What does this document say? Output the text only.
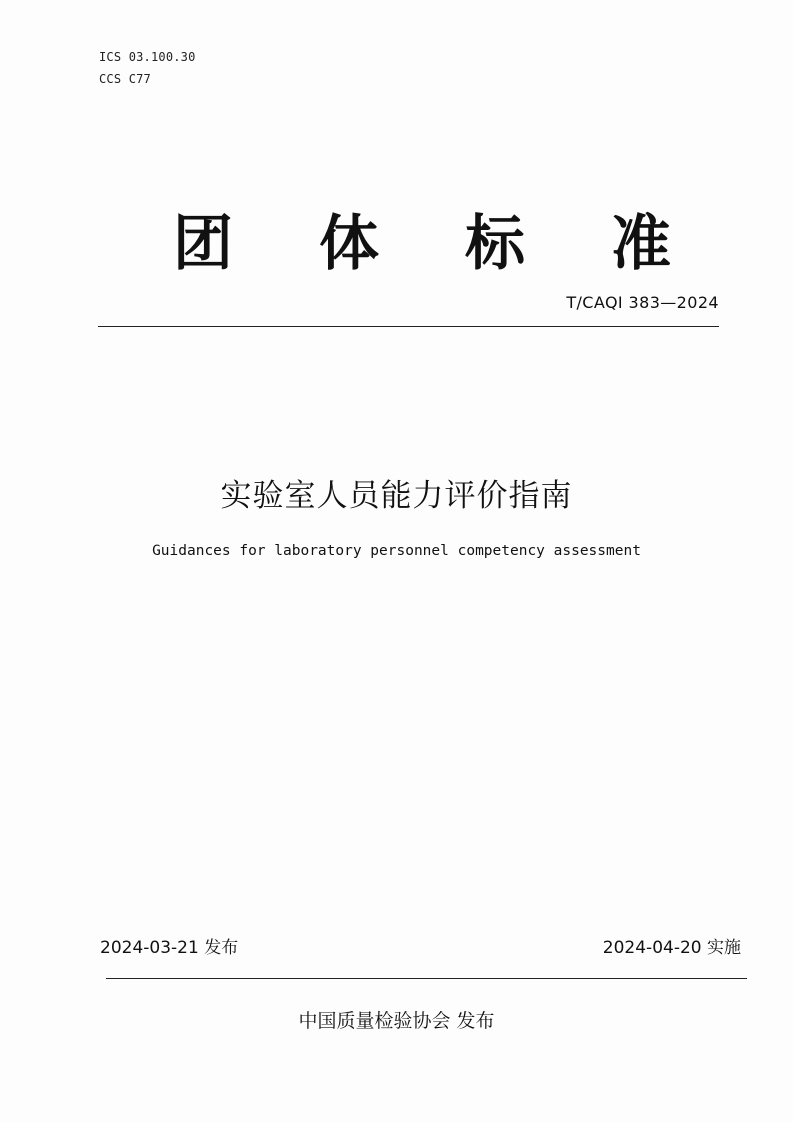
ICS 03.100.30
CCS C77
团	体	标	准
T/CAQI 383—2024
实验室人员能力评价指南
Guidances for laboratory personnel competency assessment
2024-03-21 发布	2024-04-20 实施
中国质量检验协会 发布
